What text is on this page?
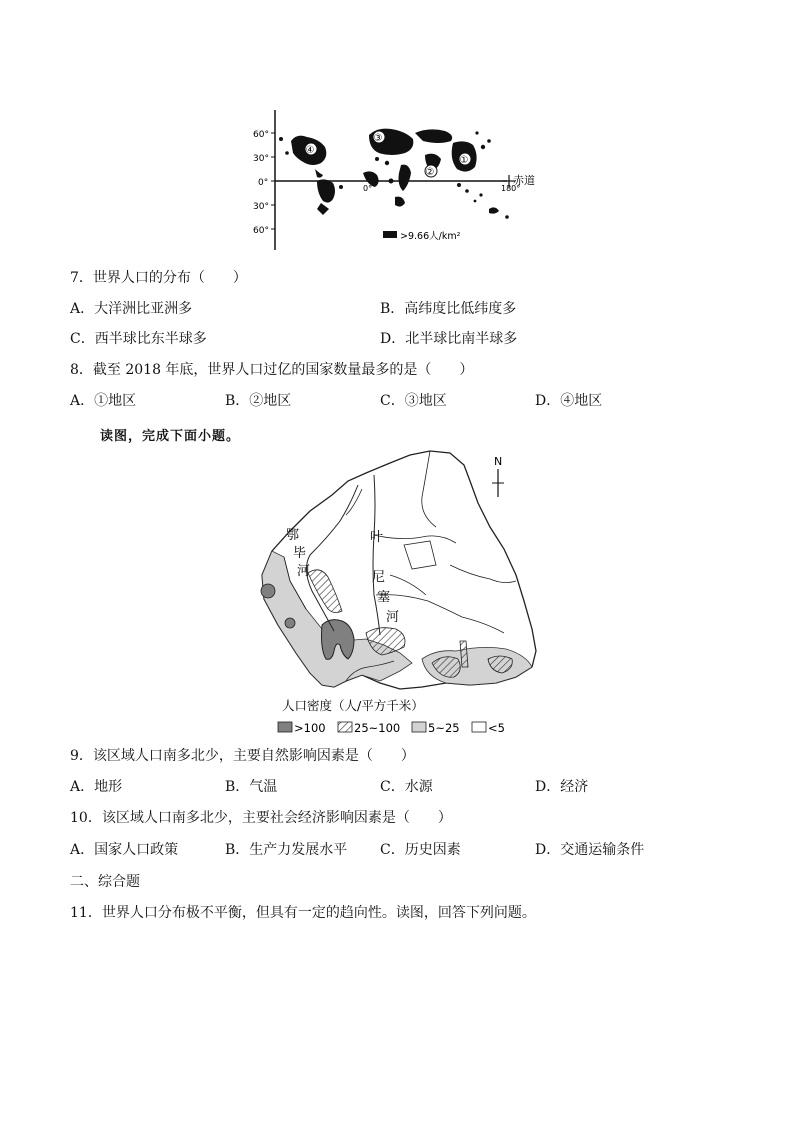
60°
30°
0°
30°
60°
0°	180°
赤道
①
②
③
④
>9.66人/km²
7．世界人口的分布（　　）
A．大洋洲比亚洲多	B．高纬度比低纬度多
C．西半球比东半球多	D．北半球比南半球多
8．截至 2018 年底，世界人口过亿的国家数量最多的是（　　）
A．①地区	B．②地区	C．③地区	D．④地区
读图，完成下面小题。
N
鄂
毕
河
叶
尼
塞
河
人口密度（人/平方千米）
>100 25~100 5~25 <5
9．该区域人口南多北少，主要自然影响因素是（　　）
A．地形	B．气温	C．水源	D．经济
10．该区域人口南多北少，主要社会经济影响因素是（　　）
A．国家人口政策	B．生产力发展水平 C．历史因素	D．交通运输条件
二、综合题
11．世界人口分布极不平衡，但具有一定的趋向性。读图，回答下列问题。
